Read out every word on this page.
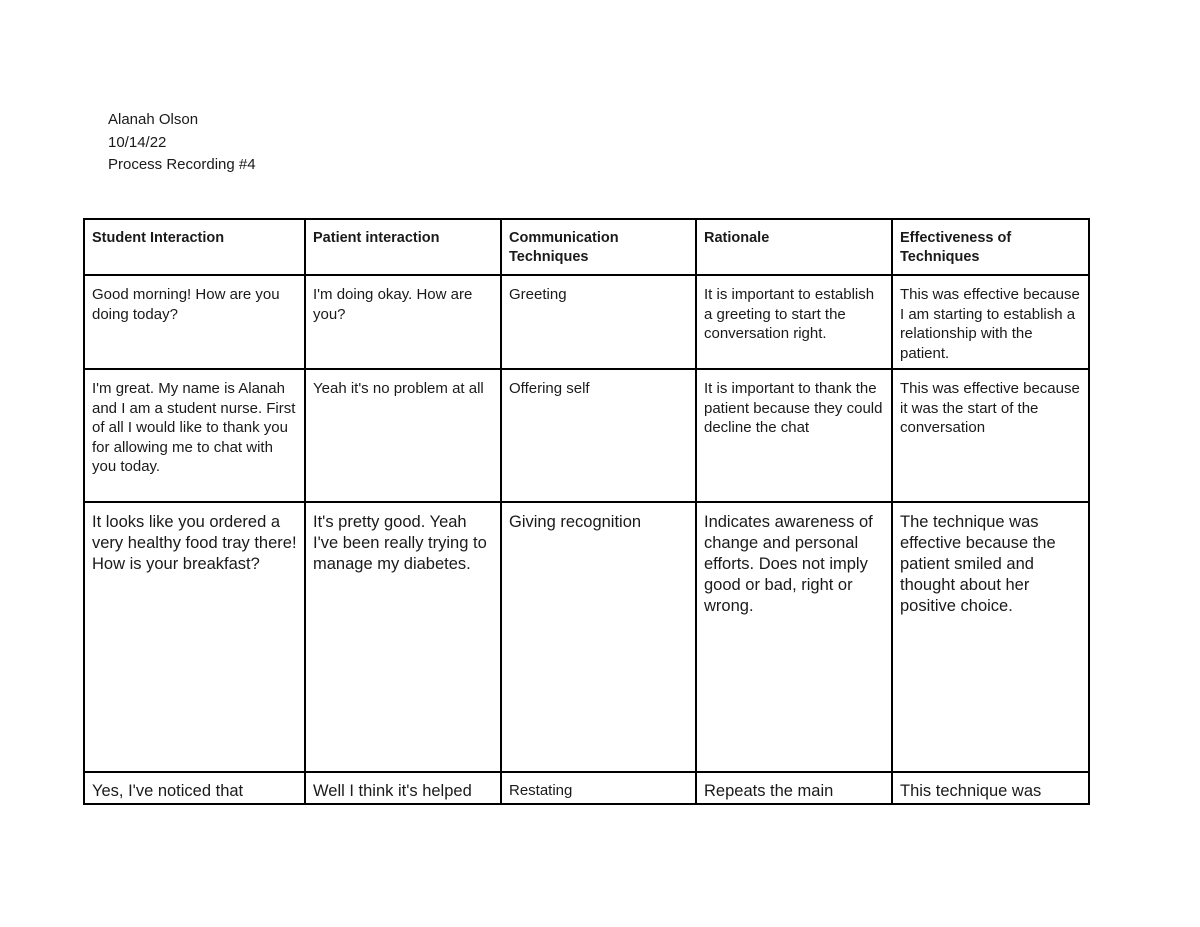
Alanah Olson
10/14/22
Process Recording #4
Student Interaction	Patient interaction	Communication Techniques	Rationale	Effectiveness of Techniques
Good morning! How are you doing today?	I'm doing okay. How are you?	Greeting	It is important to establish a greeting to start the conversation right.	This was effective because I am starting to establish a relationship with the patient.
I'm great. My name is Alanah and I am a student nurse. First of all I would like to thank you for allowing me to chat with you today.	Yeah it's no problem at all	Offering self	It is important to thank the patient because they could decline the chat	This was effective because it was the start of the conversation
It looks like you ordered a very healthy food tray there! How is your breakfast?	It's pretty good. Yeah I've been really trying to manage my diabetes.	Giving recognition	Indicates awareness of change and personal efforts. Does not imply good or bad, right or wrong.	The technique was effective because the patient smiled and thought about her positive choice.
Yes, I've noticed that	Well I think it's helped	Restating	Repeats the main	This technique was
